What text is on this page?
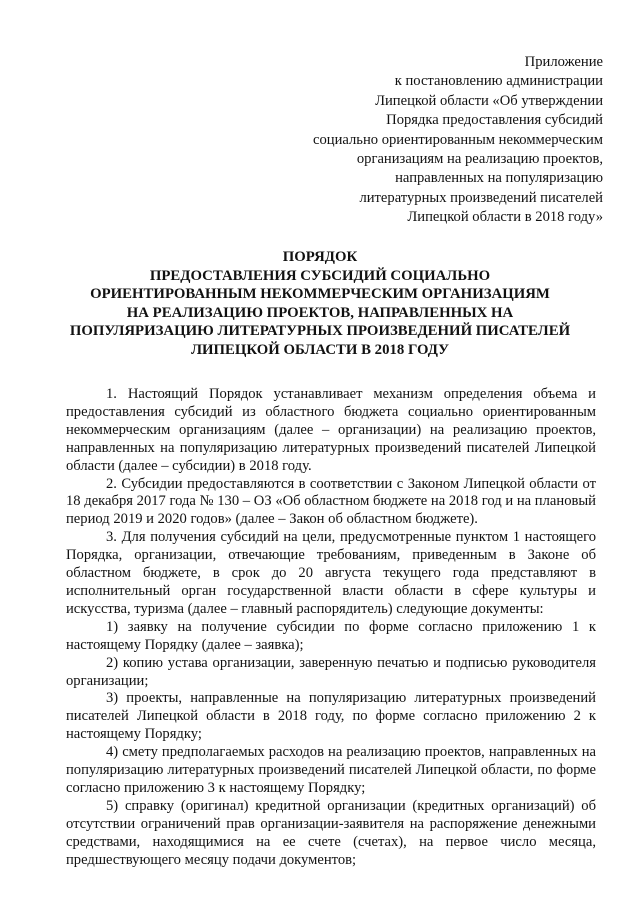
Приложение
к постановлению администрации
Липецкой области «Об утверждении
Порядка предоставления субсидий
социально ориентированным некоммерческим
организациям на реализацию проектов,
направленных на популяризацию
литературных произведений писателей
Липецкой области в 2018 году»
ПОРЯДОК
ПРЕДОСТАВЛЕНИЯ СУБСИДИЙ СОЦИАЛЬНО
ОРИЕНТИРОВАННЫМ НЕКОММЕРЧЕСКИМ ОРГАНИЗАЦИЯМ
НА РЕАЛИЗАЦИЮ ПРОЕКТОВ, НАПРАВЛЕННЫХ НА
ПОПУЛЯРИЗАЦИЮ ЛИТЕРАТУРНЫХ ПРОИЗВЕДЕНИЙ ПИСАТЕЛЕЙ
ЛИПЕЦКОЙ ОБЛАСТИ В 2018 ГОДУ

1. Настоящий Порядок устанавливает механизм определения объема и предоставления субсидий из областного бюджета социально ориентированным некоммерческим организациям (далее – организации) на реализацию проектов, направленных на популяризацию литературных произведений писателей Липецкой области (далее – субсидии) в 2018 году.

2. Субсидии предоставляются в соответствии с Законом Липецкой области от 18 декабря 2017 года № 130 – ОЗ «Об областном бюджете на 2018 год и на плановый период 2019 и 2020 годов» (далее – Закон об областном бюджете).

3. Для получения субсидий на цели, предусмотренные пунктом 1 настоящего Порядка, организации, отвечающие требованиям, приведенным в Законе об областном бюджете, в срок до 20 августа текущего года представляют в исполнительный орган государственной власти области в сфере культуры и искусства, туризма (далее – главный распорядитель) следующие документы:

1) заявку на получение субсидии по форме согласно приложению 1 к настоящему Порядку (далее – заявка);

2) копию устава организации, заверенную печатью и подписью руководителя организации;

3) проекты, направленные на популяризацию литературных произведений писателей Липецкой области в 2018 году, по форме согласно приложению 2 к настоящему Порядку;

4) смету предполагаемых расходов на реализацию проектов, направленных на популяризацию литературных произведений писателей Липецкой области, по форме согласно приложению 3 к настоящему Порядку;

5) справку (оригинал) кредитной организации (кредитных организаций) об отсутствии ограничений прав организации-заявителя на распоряжение денежными средствами, находящимися на ее счете (счетах), на первое число месяца, предшествующего месяцу подачи документов;
